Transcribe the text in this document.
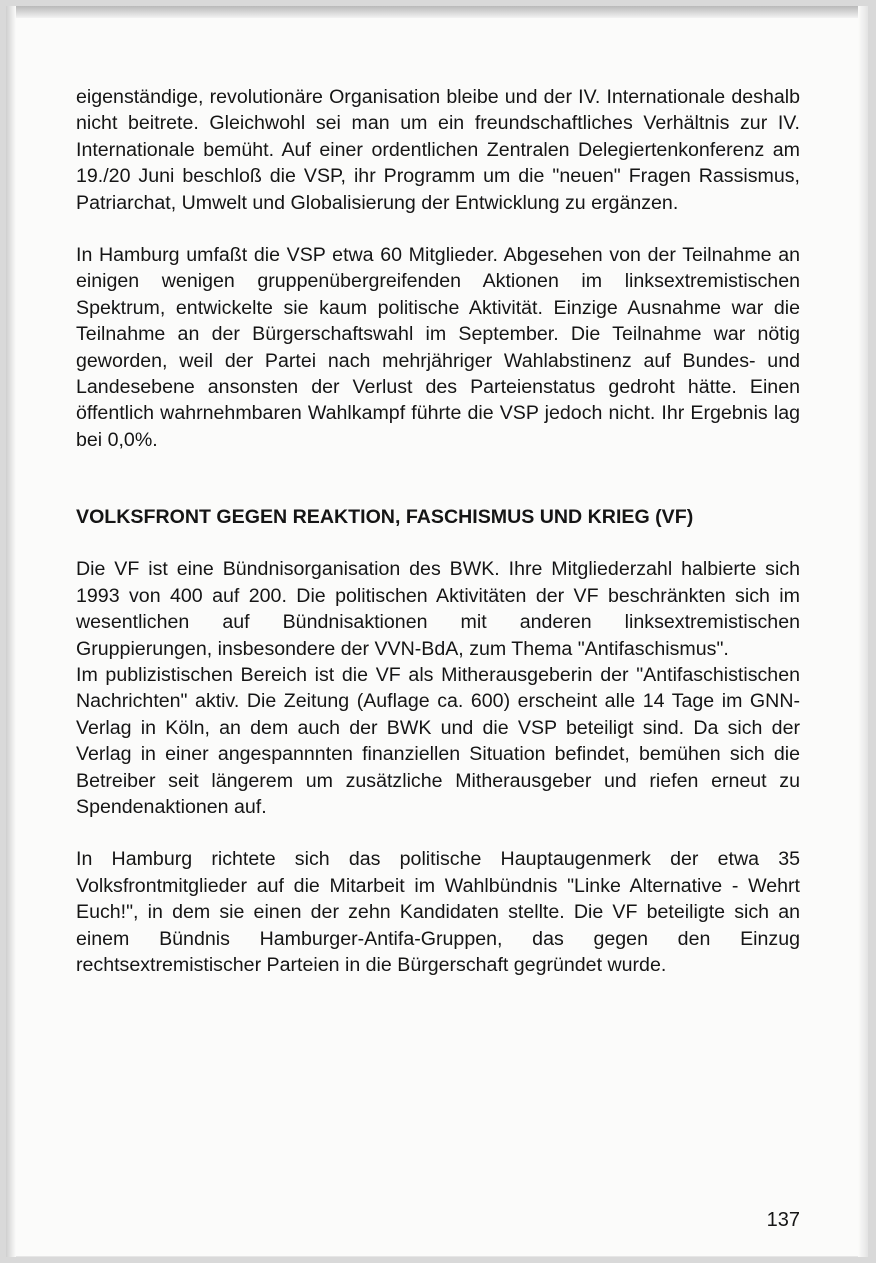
eigenständige, revolutionäre Organisation bleibe und der IV. Internationale deshalb nicht beitrete. Gleichwohl sei man um ein freundschaftliches Verhältnis zur IV. Internationale bemüht. Auf einer ordentlichen Zentralen Delegiertenkonferenz am 19./20 Juni beschloß die VSP, ihr Programm um die "neuen" Fragen Rassismus, Patriarchat, Umwelt und Globalisierung der Entwicklung zu ergänzen.

In Hamburg umfaßt die VSP etwa 60 Mitglieder. Abgesehen von der Teilnahme an einigen wenigen gruppenübergreifenden Aktionen im linksextremistischen Spektrum, entwickelte sie kaum politische Aktivität. Einzige Ausnahme war die Teilnahme an der Bürgerschaftswahl im September. Die Teilnahme war nötig geworden, weil der Partei nach mehrjähriger Wahlabstinenz auf Bundes- und Landesebene ansonsten der Verlust des Parteienstatus gedroht hätte. Einen öffentlich wahrnehmbaren Wahlkampf führte die VSP jedoch nicht. Ihr Ergebnis lag bei 0,0%.

VOLKSFRONT GEGEN REAKTION, FASCHISMUS UND KRIEG (VF)

Die VF ist eine Bündnisorganisation des BWK. Ihre Mitgliederzahl halbierte sich 1993 von 400 auf 200. Die politischen Aktivitäten der VF beschränkten sich im wesentlichen auf Bündnisaktionen mit anderen linksextremistischen Gruppierungen, insbesondere der VVN-BdA, zum Thema "Antifaschismus".

Im publizistischen Bereich ist die VF als Mitherausgeberin der "Antifaschistischen Nachrichten" aktiv. Die Zeitung (Auflage ca. 600) erscheint alle 14 Tage im GNN-Verlag in Köln, an dem auch der BWK und die VSP beteiligt sind. Da sich der Verlag in einer angespannnten finanziellen Situation befindet, bemühen sich die Betreiber seit längerem um zusätzliche Mitherausgeber und riefen erneut zu Spendenaktionen auf.

In Hamburg richtete sich das politische Hauptaugenmerk der etwa 35 Volksfrontmitglieder auf die Mitarbeit im Wahlbündnis "Linke Alternative - Wehrt Euch!", in dem sie einen der zehn Kandidaten stellte. Die VF beteiligte sich an einem Bündnis Hamburger-Antifa-Gruppen, das gegen den Einzug rechtsextremistischer Parteien in die Bürgerschaft gegründet wurde.

137
